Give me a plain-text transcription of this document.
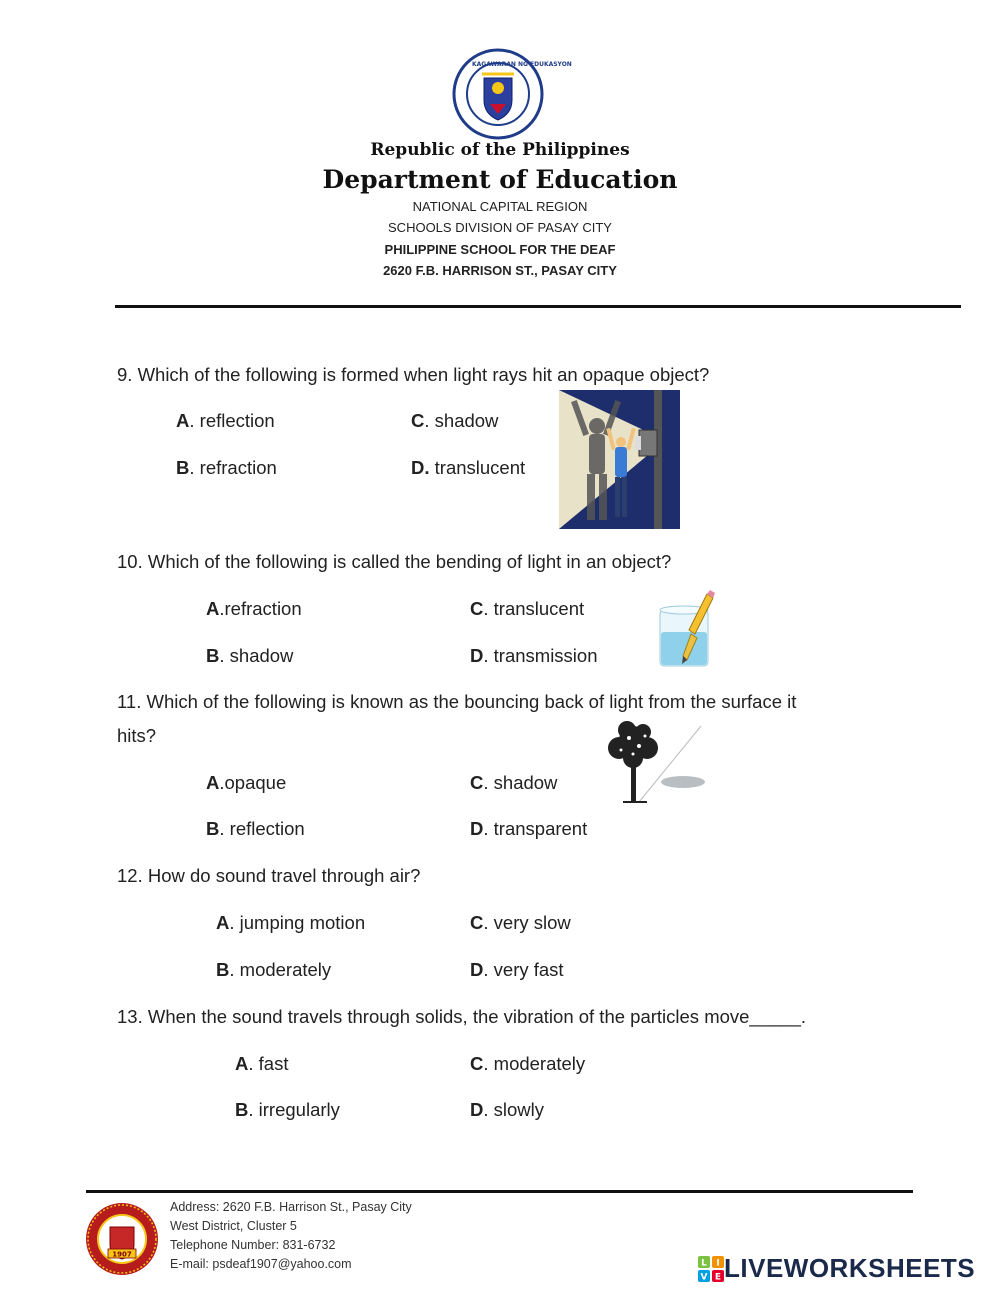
KAGAWARAN NG EDUKASYON
Republic of the Philippines
Department of Education
NATIONAL CAPITAL REGION
SCHOOLS DIVISION OF PASAY CITY
PHILIPPINE SCHOOL FOR THE DEAF
2620 F.B. HARRISON ST., PASAY CITY
9. Which of the following is formed when light rays hit an opaque object?
A. reflection	C. shadow
B. refraction	D. translucent
10. Which of the following is called the bending of light in an object?
A.refraction	C. translucent
B. shadow	D. transmission
11. Which of the following is known as the bouncing back of light from the surface it
hits?
A.opaque	C. shadow
B. reflection	D. transparent
12. How do sound travel through air?
A. jumping motion	C. very slow
B. moderately	D. very fast
13. When the sound travels through solids, the vibration of the particles move_____.
A. fast	C. moderately
B. irregularly	D. slowly
1907
Address: 2620 F.B. Harrison St., Pasay City
West District, Cluster 5
Telephone Number: 831-6732
E-mail: psdeaf1907@yahoo.com	L I
V E LIVEWORKSHEETS
